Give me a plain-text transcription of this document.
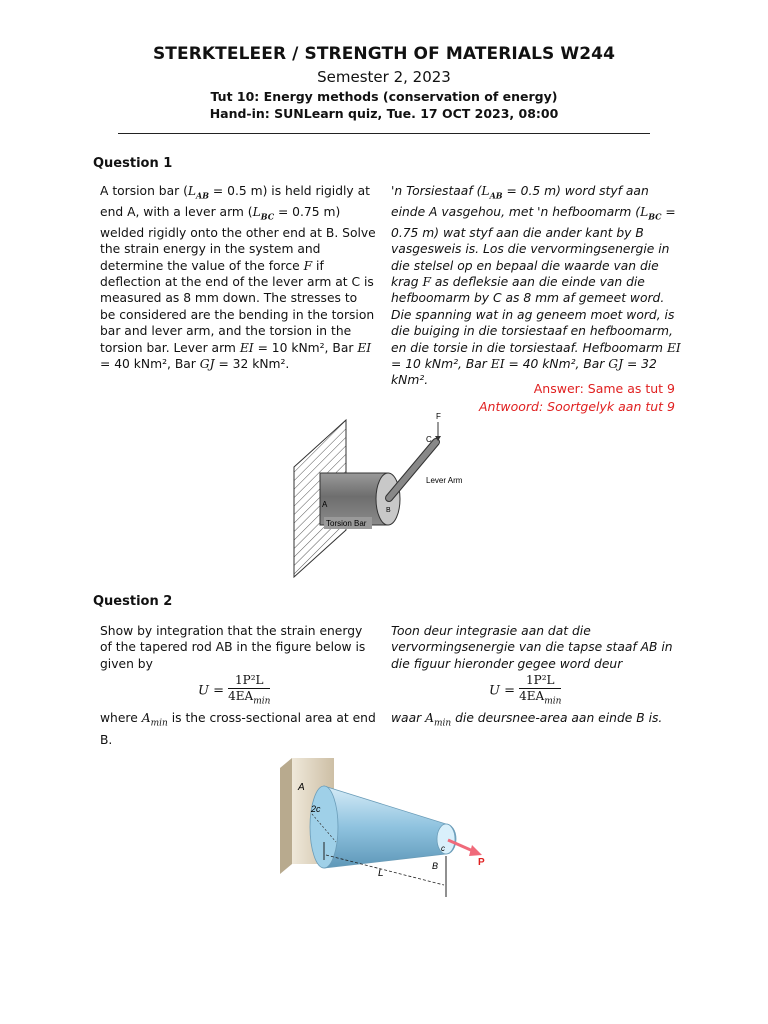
STERKTELEER / STRENGTH OF MATERIALS W244
Semester 2, 2023
Tut 10: Energy methods (conservation of energy)
Hand-in: SUNLearn quiz, Tue. 17 OCT 2023, 08:00
Question 1
A torsion bar ($L_{AB} = 0.5$ m) is held rigidly at end A, with a lever arm ($L_{BC} = 0.75$ m) welded rigidly onto the other end at B. Solve the strain energy in the system and determine the value of the force F if deflection at the end of the lever arm at C is measured as 8 mm down. The stresses to be considered are the bending in the torsion bar and lever arm, and the torsion in the torsion bar. Lever arm EI = 10 kNm², Bar EI = 40 kNm², Bar GJ = 32 kNm².
'n Torsiestaaf ($L_{AB} = 0.5$ m) word styf aan einde A vasgehou, met 'n hefboomarm ($L_{BC} = 0.75$ m) wat styf aan die ander kant by B vasgesweis is. Los die vervormingsenergie in die stelsel op en bepaal die waarde van die krag F as defleksie aan die einde van die hefboomarm by C as 8 mm af gemeet word. Die spanning wat in ag geneem moet word, is die buiging in die torsiestaaf en hefboomarm, en die torsie in die torsiestaaf. Hefboomarm EI = 10 kNm², Bar EI = 40 kNm², Bar GJ = 32 kNm².
Answer: Same as tut 9
Antwoord: Soortgelyk aan tut 9
F
C
Lever Arm
A
B
Torsion Bar
Question 2
Show by integration that the strain energy of the tapered rod AB in the figure below is given by
Toon deur integrasie aan dat die vervormingsenergie van die tapse staaf AB in die figuur hieronder gegee word deur
$U = \frac{\text{1P²L}}{4EA_{min}}$	$U = \frac{\text{1P²L}}{4EA_{min}}$
where $A_{min}$ is the cross-sectional area at end B.
waar $A_{min}$ die deursnee-area aan einde B is.
A
2c
c
B	P
L
